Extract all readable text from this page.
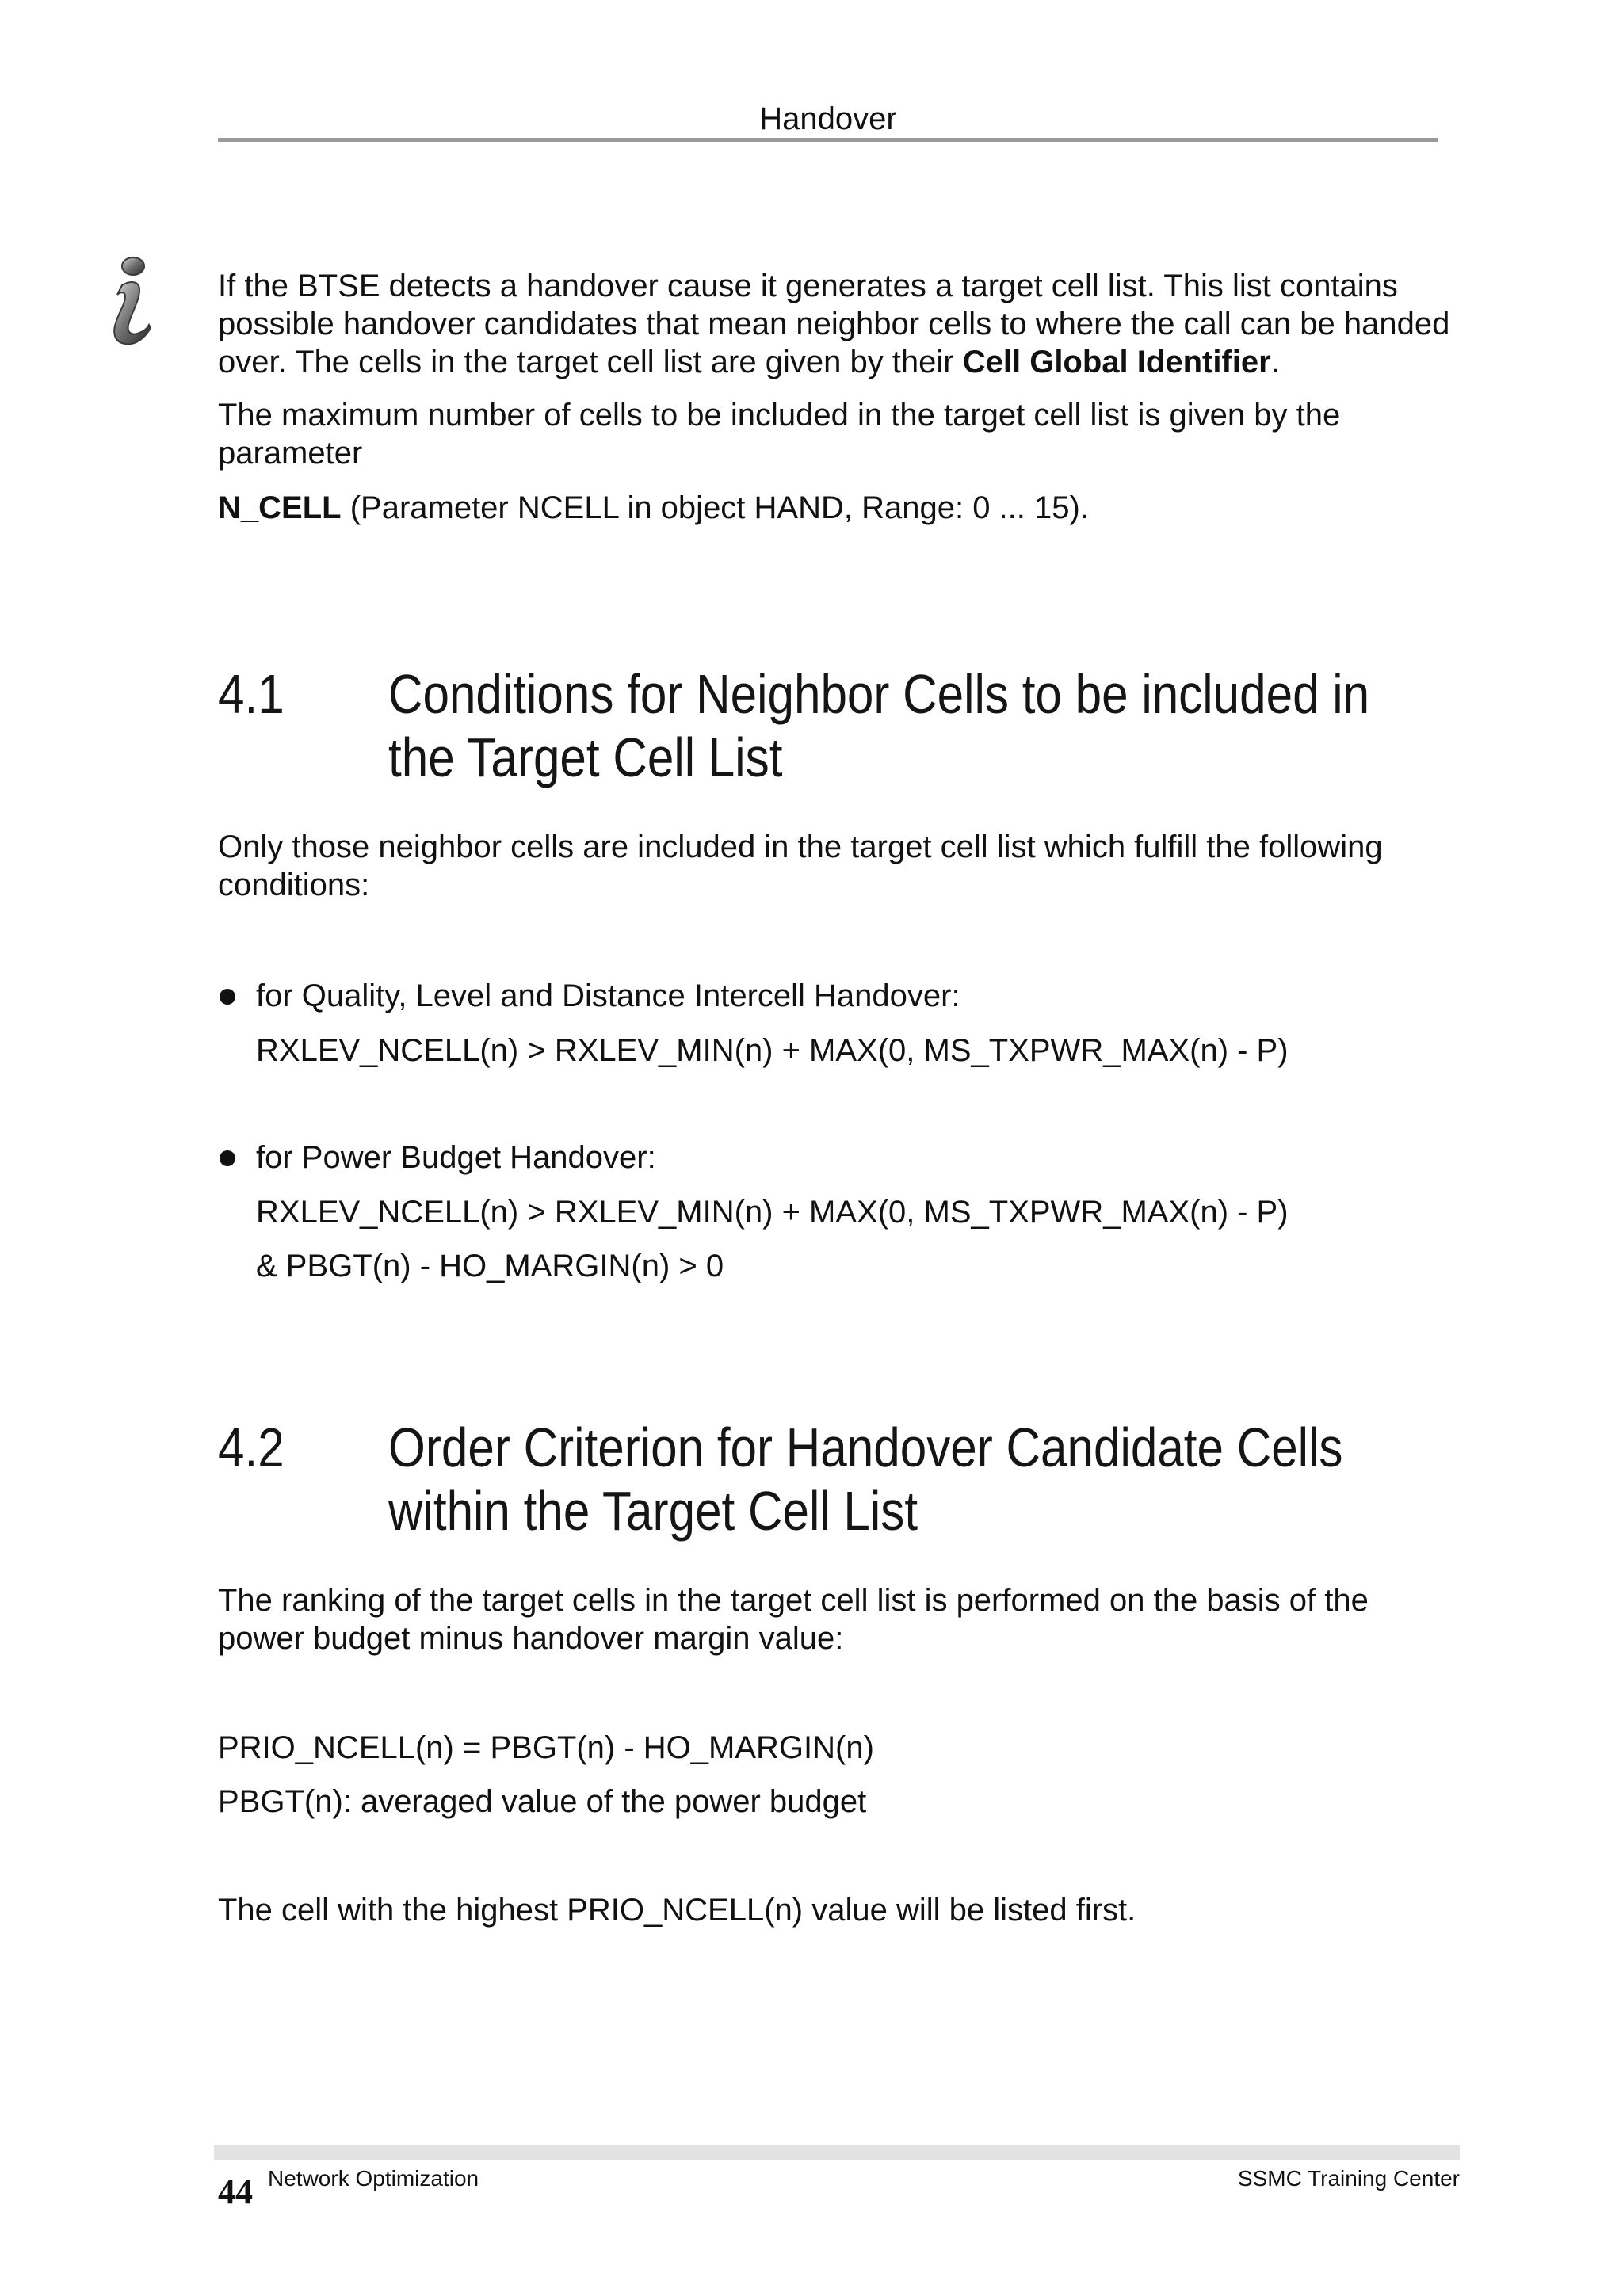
Handover
If the BTSE detects a handover cause it generates a target cell list. This list contains possible handover candidates that mean neighbor cells to where the call can be handed over. The cells in the target cell list are given by their Cell Global Identifier.
The maximum number of cells to be included in the target cell list is given by the parameter
N_CELL (Parameter NCELL in object HAND, Range: 0 ... 15).
4.1 Conditions for Neighbor Cells to be included in
the Target Cell List
Only those neighbor cells are included in the target cell list which fulfill the following conditions:
for Quality, Level and Distance Intercell Handover:
RXLEV_NCELL(n) > RXLEV_MIN(n) + MAX(0, MS_TXPWR_MAX(n) - P)
for Power Budget Handover:
RXLEV_NCELL(n) > RXLEV_MIN(n) + MAX(0, MS_TXPWR_MAX(n) - P)
& PBGT(n) - HO_MARGIN(n) > 0
4.2 Order Criterion for Handover Candidate Cells
within the Target Cell List
The ranking of the target cells in the target cell list is performed on the basis of the power budget minus handover margin value:
PRIO_NCELL(n) = PBGT(n) - HO_MARGIN(n)
PBGT(n): averaged value of the power budget
The cell with the highest PRIO_NCELL(n) value will be listed first.
44 Network Optimization	SSMC Training Center
